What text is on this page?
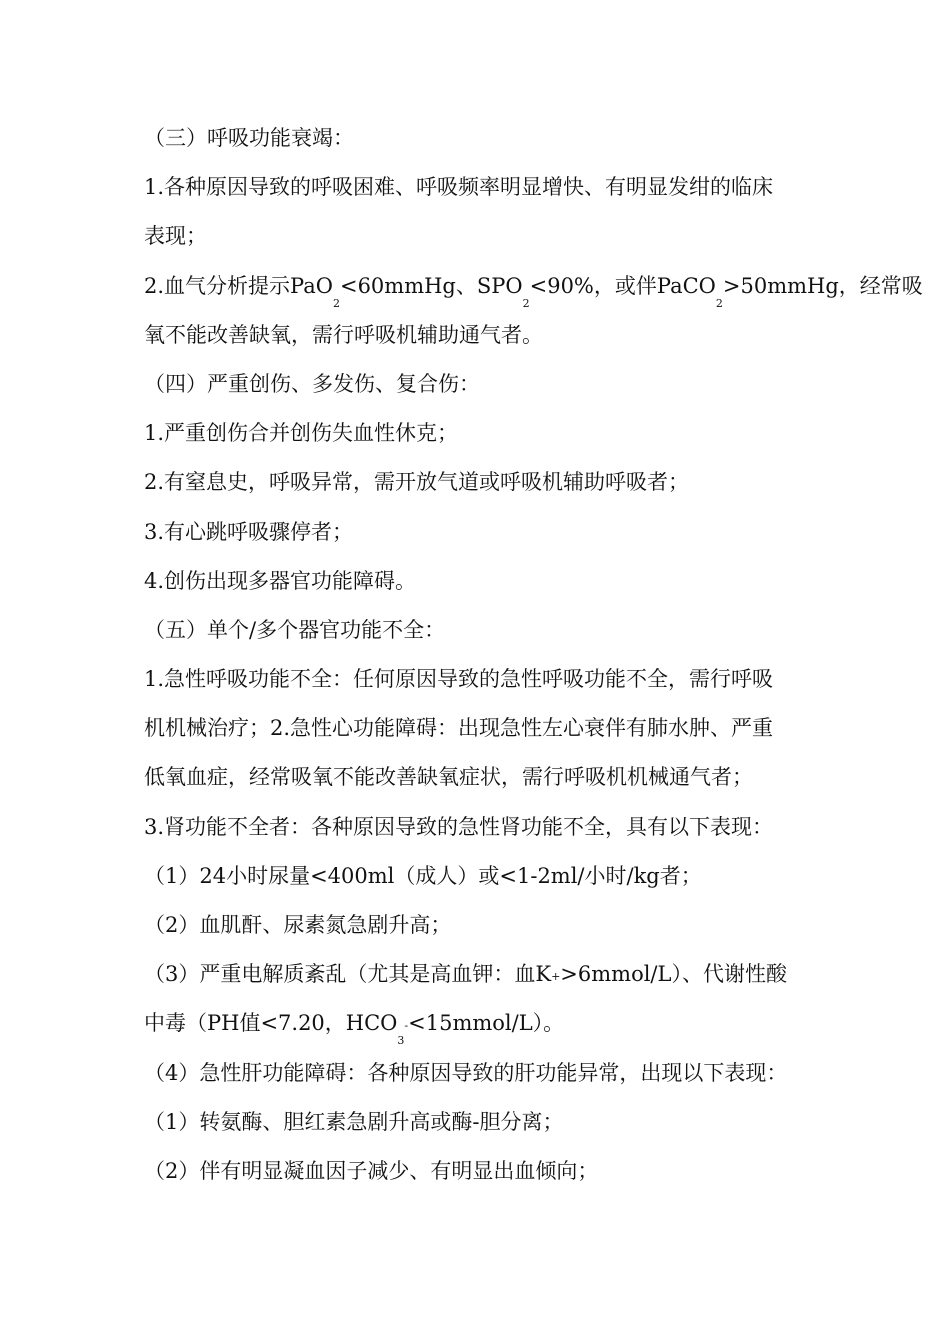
（三）呼吸功能衰竭：
1.各种原因导致的呼吸困难、呼吸频率明显增快、有明显发绀的临床
表现；
2.血气分析提示PaO$_2$<60mmHg、$SPO_2<90\%$，或伴PaCO$_2$>50mmHg，经常吸
氧不能改善缺氧，需行呼吸机辅助通气者。
（四）严重创伤、多发伤、复合伤：
1.严重创伤合并创伤失血性休克；
2.有窒息史，呼吸异常，需开放气道或呼吸机辅助呼吸者；
3.有心跳呼吸骤停者；
4.创伤出现多器官功能障碍。
（五）单个/多个器官功能不全：
1.急性呼吸功能不全：任何原因导致的急性呼吸功能不全，需行呼吸
机机械治疗；2.急性心功能障碍：出现急性左心衰伴有肺水肿、严重
低氧血症，经常吸氧不能改善缺氧症状，需行呼吸机机械通气者；
3.肾功能不全者：各种原因导致的急性肾功能不全，具有以下表现：
（1）24小时尿量<400ml（成人）或<1-2ml/小时/kg者；
（2）血肌酐、尿素氮急剧升高；
（3）严重电解质紊乱（尤其是高血钾：血K+>6mmol/L）、代谢性酸
中毒（PH值<7.20，$HCO_3-<15mmol/L$）。
（4）急性肝功能障碍：各种原因导致的肝功能异常，出现以下表现：
（1）转氨酶、胆红素急剧升高或酶-胆分离；
（2）伴有明显凝血因子减少、有明显出血倾向；
